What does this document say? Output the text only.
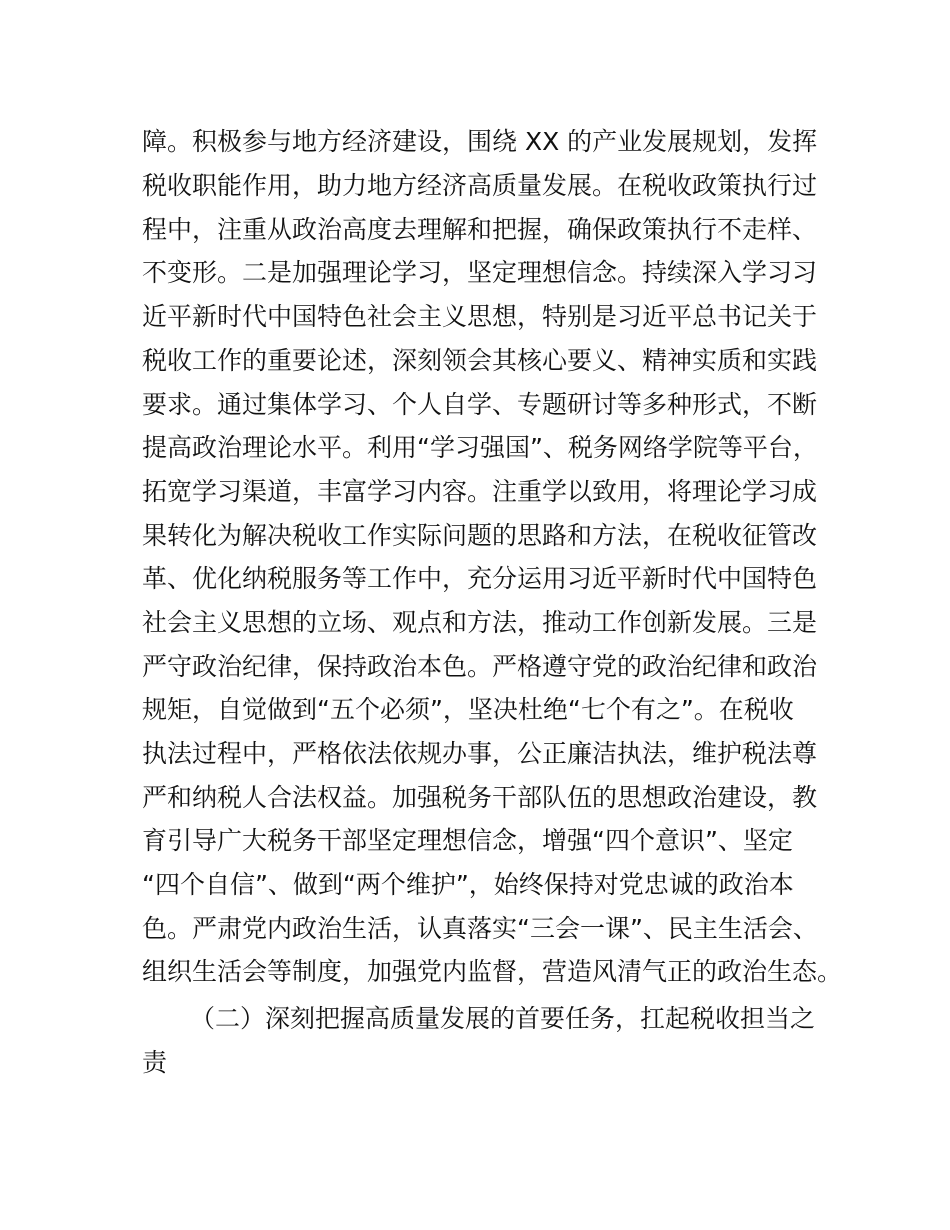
障。积极参与地方经济建设，围绕 XX 的产业发展规划，发挥
税收职能作用，助力地方经济高质量发展。在税收政策执行过
程中，注重从政治高度去理解和把握，确保政策执行不走样、
不变形。二是加强理论学习，坚定理想信念。持续深入学习习
近平新时代中国特色社会主义思想，特别是习近平总书记关于
税收工作的重要论述，深刻领会其核心要义、精神实质和实践
要求。通过集体学习、个人自学、专题研讨等多种形式，不断
提高政治理论水平。利用“学习强国”、税务网络学院等平台，
拓宽学习渠道，丰富学习内容。注重学以致用，将理论学习成
果转化为解决税收工作实际问题的思路和方法，在税收征管改
革、优化纳税服务等工作中，充分运用习近平新时代中国特色
社会主义思想的立场、观点和方法，推动工作创新发展。三是
严守政治纪律，保持政治本色。严格遵守党的政治纪律和政治
规矩，自觉做到“五个必须”，坚决杜绝“七个有之”。在税收
执法过程中，严格依法依规办事，公正廉洁执法，维护税法尊
严和纳税人合法权益。加强税务干部队伍的思想政治建设，教
育引导广大税务干部坚定理想信念，增强“四个意识”、坚定
“四个自信”、做到“两个维护”，始终保持对党忠诚的政治本
色。严肃党内政治生活，认真落实“三会一课”、民主生活会、
组织生活会等制度，加强党内监督，营造风清气正的政治生态。
（二）深刻把握高质量发展的首要任务，扛起税收担当之
责
